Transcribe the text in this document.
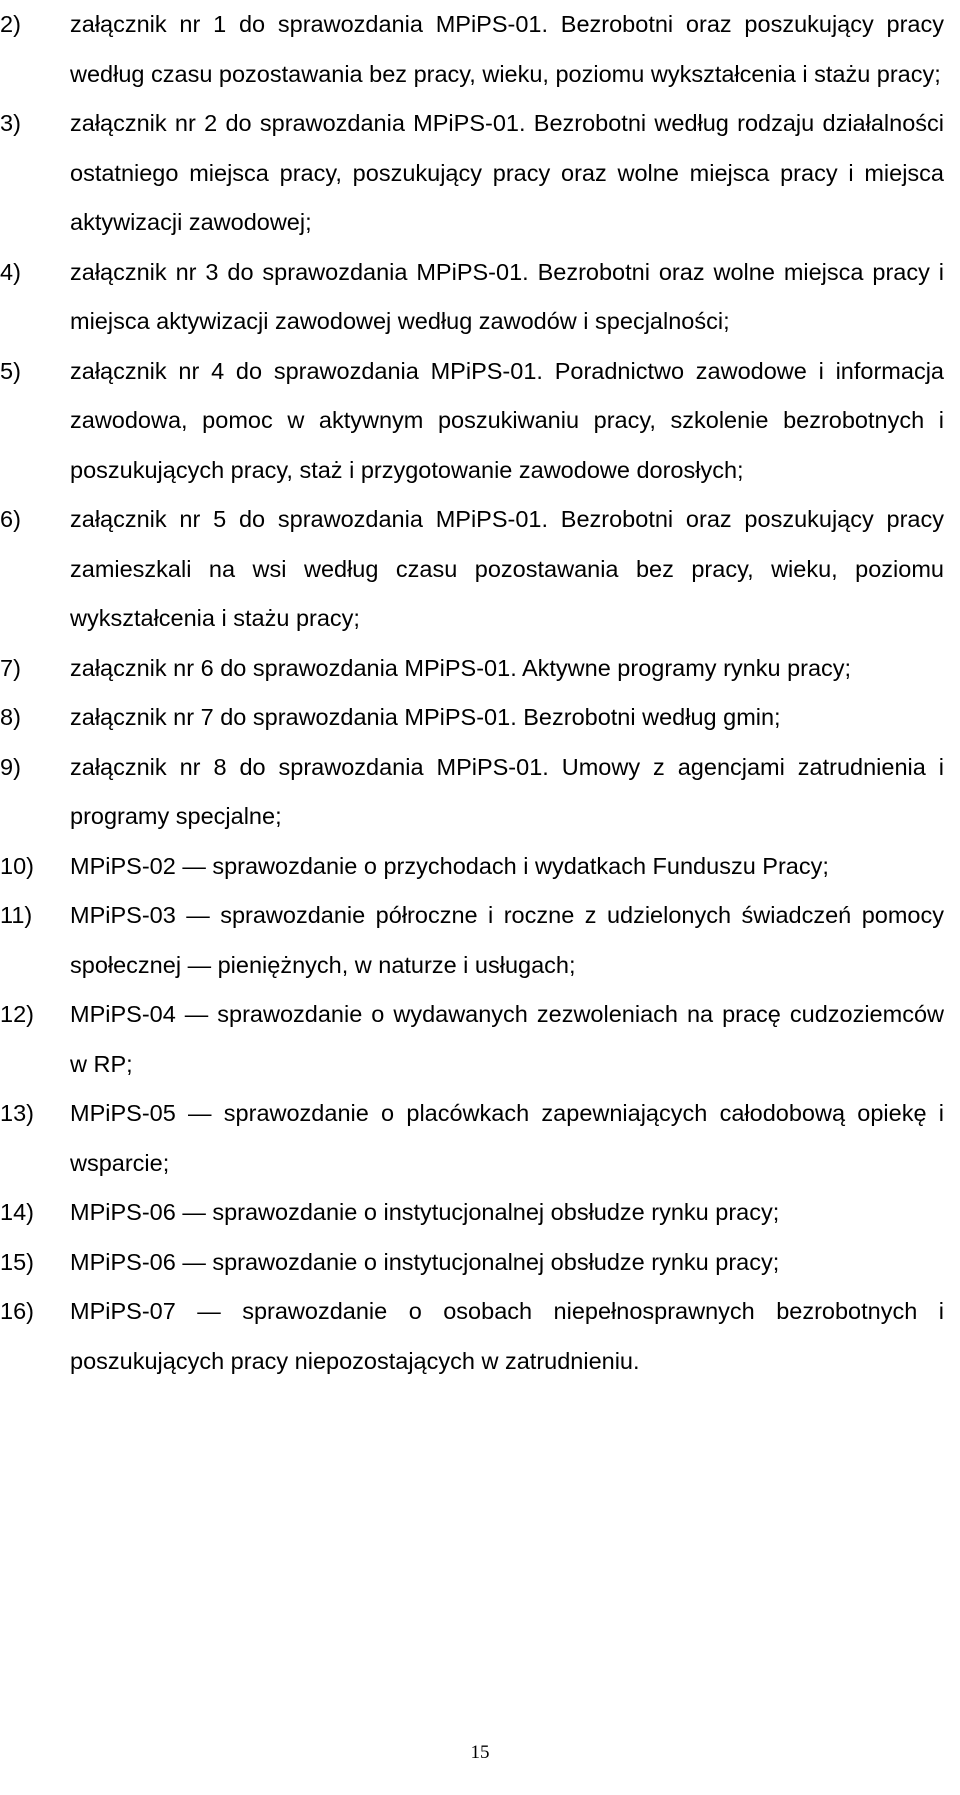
2)	załącznik nr 1 do sprawozdania MPiPS-01. Bezrobotni oraz poszukujący pracy według czasu pozostawania bez pracy, wieku, poziomu wykształcenia i stażu pracy;
3)	załącznik nr 2 do sprawozdania MPiPS-01. Bezrobotni według rodzaju działalności ostatniego miejsca pracy, poszukujący pracy oraz wolne miejsca pracy i miejsca aktywizacji zawodowej;
4)	załącznik nr 3 do sprawozdania MPiPS-01. Bezrobotni oraz wolne miejsca pracy i miejsca aktywizacji zawodowej według zawodów i specjalności;
5)	załącznik nr 4 do sprawozdania MPiPS-01. Poradnictwo zawodowe i informacja zawodowa, pomoc w aktywnym poszukiwaniu pracy, szkolenie bezrobotnych i poszukujących pracy, staż i przygotowanie zawodowe dorosłych;
6)	załącznik nr 5 do sprawozdania MPiPS-01. Bezrobotni oraz poszukujący pracy zamieszkali na wsi według czasu pozostawania bez pracy, wieku, poziomu wykształcenia i stażu pracy;
7)	załącznik nr 6 do sprawozdania MPiPS-01. Aktywne programy rynku pracy;
8)	załącznik nr 7 do sprawozdania MPiPS-01. Bezrobotni według gmin;
9)	załącznik nr 8 do sprawozdania MPiPS-01. Umowy z agencjami zatrudnienia i programy specjalne;
10)	MPiPS-02 — sprawozdanie o przychodach i wydatkach Funduszu Pracy;
11)	MPiPS-03 — sprawozdanie półroczne i roczne z udzielonych świadczeń pomocy społecznej — pieniężnych, w naturze i usługach;
12)	MPiPS-04 — sprawozdanie o wydawanych zezwoleniach na pracę cudzoziemców w RP;
13)	MPiPS-05 — sprawozdanie o placówkach zapewniających całodobową opiekę i wsparcie;
14)	MPiPS-06 — sprawozdanie o instytucjonalnej obsłudze rynku pracy;
15)	MPiPS-06 — sprawozdanie o instytucjonalnej obsłudze rynku pracy;
16)	MPiPS-07 — sprawozdanie o osobach niepełnosprawnych bezrobotnych i poszukujących pracy niepozostających w zatrudnieniu.
15
